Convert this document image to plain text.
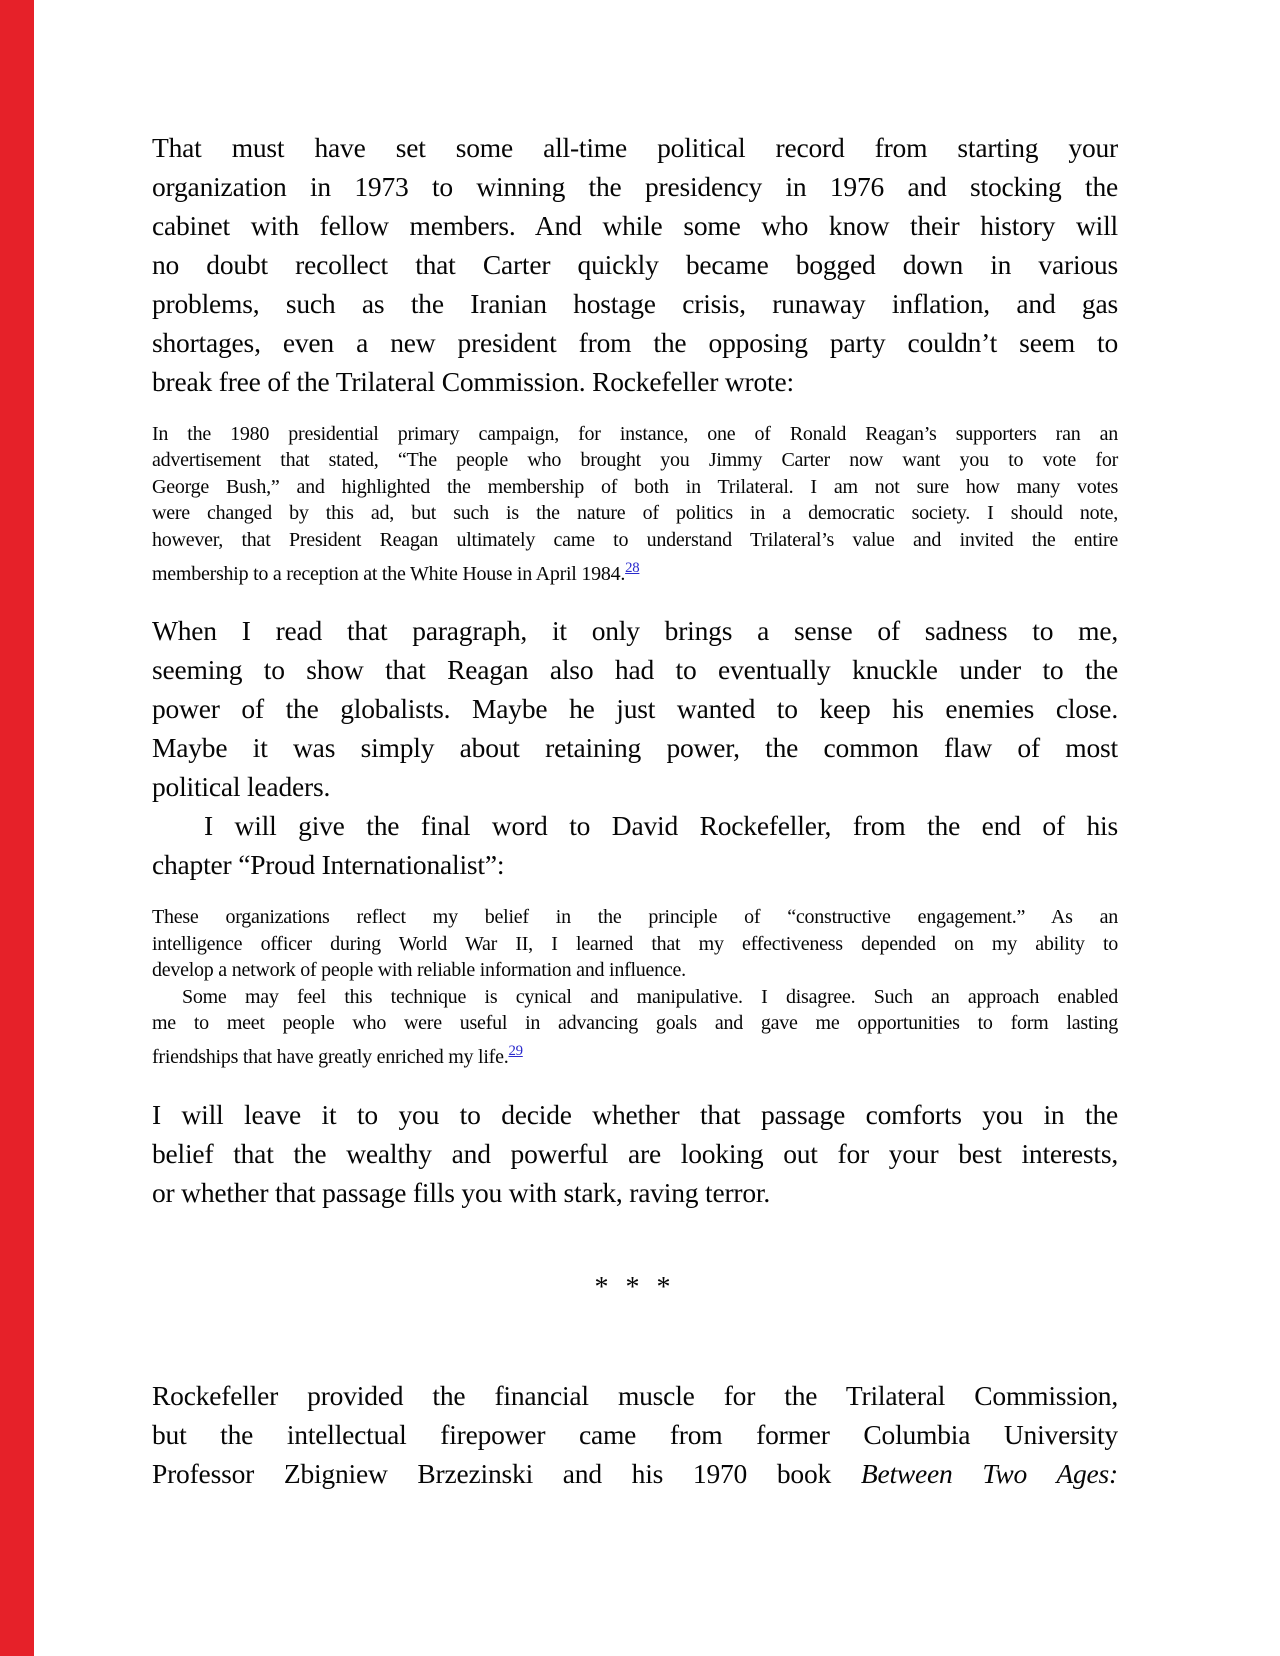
That must have set some all-time political record from starting your
organization in 1973 to winning the presidency in 1976 and stocking the
cabinet with fellow members. And while some who know their history will
no doubt recollect that Carter quickly became bogged down in various
problems, such as the Iranian hostage crisis, runaway inflation, and gas
shortages, even a new president from the opposing party couldn’t seem to
break free of the Trilateral Commission. Rockefeller wrote:
In the 1980 presidential primary campaign, for instance, one of Ronald Reagan’s supporters ran an
advertisement that stated, “The people who brought you Jimmy Carter now want you to vote for
George Bush,” and highlighted the membership of both in Trilateral. I am not sure how many votes
were changed by this ad, but such is the nature of politics in a democratic society. I should note,
however, that President Reagan ultimately came to understand Trilateral’s value and invited the entire
membership to a reception at the White House in April 1984.28
When I read that paragraph, it only brings a sense of sadness to me,
seeming to show that Reagan also had to eventually knuckle under to the
power of the globalists. Maybe he just wanted to keep his enemies close.
Maybe it was simply about retaining power, the common flaw of most
political leaders.
I will give the final word to David Rockefeller, from the end of his
chapter “Proud Internationalist”:
These organizations reflect my belief in the principle of “constructive engagement.” As an
intelligence officer during World War II, I learned that my effectiveness depended on my ability to
develop a network of people with reliable information and influence.
Some may feel this technique is cynical and manipulative. I disagree. Such an approach enabled
me to meet people who were useful in advancing goals and gave me opportunities to form lasting
friendships that have greatly enriched my life.$^{29}$
I will leave it to you to decide whether that passage comforts you in the
belief that the wealthy and powerful are looking out for your best interests,
or whether that passage fills you with stark, raving terror.
* * *
Rockefeller provided the financial muscle for the Trilateral Commission,
but the intellectual firepower came from former Columbia University
Professor Zbigniew Brzezinski and his 1970 book Between Two Ages:
